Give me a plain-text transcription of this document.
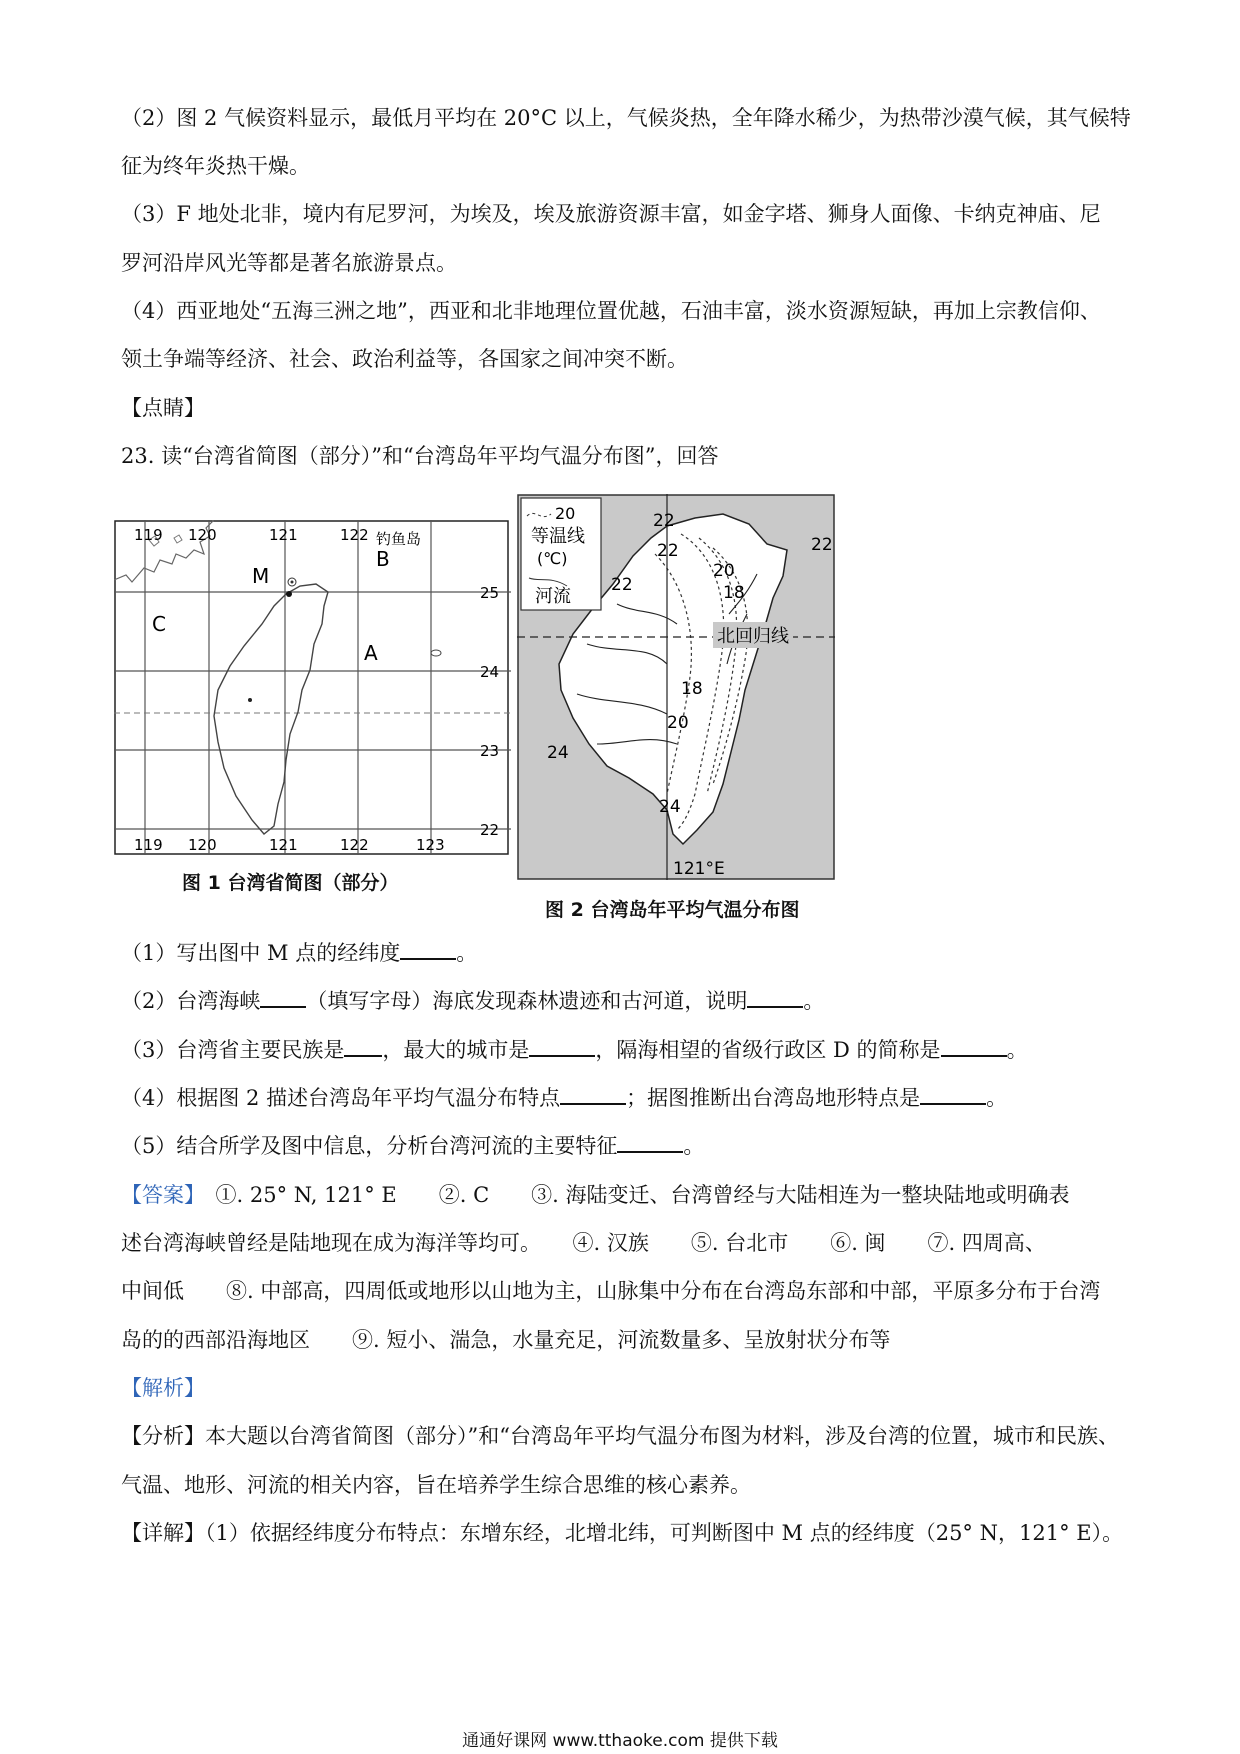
（2）图 2 气候资料显示，最低月平均在 20°C 以上，气候炎热，全年降水稀少，为热带沙漠气候，其气候特
征为终年炎热干燥。
（3）F 地处北非，境内有尼罗河，为埃及，埃及旅游资源丰富，如金字塔、狮身人面像、卡纳克神庙、尼
罗河沿岸风光等都是著名旅游景点。
（4）西亚地处“五海三洲之地”，西亚和北非地理位置优越，石油丰富，淡水资源短缺，再加上宗教信仰、
领土争端等经济、社会、政治利益等，各国家之间冲突不断。
【点睛】
23. 读“台湾省简图（部分）”和“台湾岛年平均气温分布图”，回答
119 120	121	122 钓鱼岛
119 120	121	122	123
25
24
23
22
M
B
C
A
图 1 台湾省简图（部分）
北回归线
20
等温线
(℃)
河流
22
22
22
20
18
18
20
24
24
22
121°E
图 2 台湾岛年平均气温分布图
（1）写出图中 M 点的经纬度	。
（2）台湾海峡 （填写字母）海底发现森林遗迹和古河道，说明	。
（3）台湾省主要民族是 ，最大的城市是	，隔海相望的省级行政区 D 的简称是	。
（4）根据图 2 描述台湾岛年平均气温分布特点	；据图推断出台湾岛地形特点是	。
（5）结合所学及图中信息，分析台湾河流的主要特征	。
【答案】　 ①. 25° N, 121° E　　②. C　　③. 海陆变迁、台湾曾经与大陆相连为一整块陆地或明确表
述台湾海峡曾经是陆地现在成为海洋等均可。　　④. 汉族　　⑤. 台北市　　⑥. 闽　　⑦. 四周高、
中间低　　⑧. 中部高，四周低或地形以山地为主，山脉集中分布在台湾岛东部和中部，平原多分布于台湾
岛的的西部沿海地区　　⑨. 短小、湍急，水量充足，河流数量多、呈放射状分布等
【解析】
【分析】本大题以台湾省简图（部分）”和“台湾岛年平均气温分布图为材料，涉及台湾的位置，城市和民族、
气温、地形、河流的相关内容，旨在培养学生综合思维的核心素养。
【详解】（1）依据经纬度分布特点：东增东经，北增北纬，可判断图中 M 点的经纬度（25° N，121° E）。
通通好课网 www.tthaoke.com 提供下载
